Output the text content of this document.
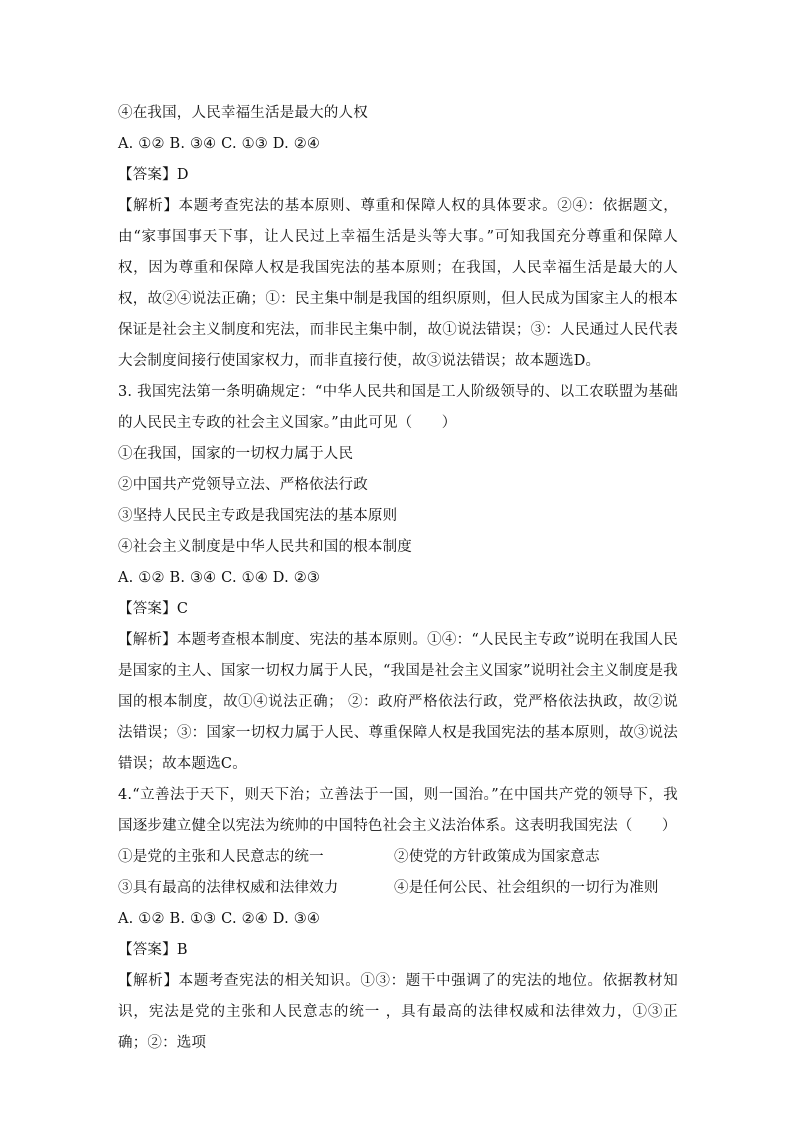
④在我国，人民幸福生活是最大的人权
A. ①② B. ③④ C. ①③ D. ②④
【答案】D
【解析】本题考查宪法的基本原则、尊重和保障人权的具体要求。②④：依据题文，由“家事国事天下事，让人民过上幸福生活是头等大事。”可知我国充分尊重和保障人权，因为尊重和保障人权是我国宪法的基本原则；在我国，人民幸福生活是最大的人权，故②④说法正确；①：民主集中制是我国的组织原则，但人民成为国家主人的根本保证是社会主义制度和宪法，而非民主集中制，故①说法错误；③：人民通过人民代表大会制度间接行使国家权力，而非直接行使，故③说法错误；故本题选D。
3. 我国宪法第一条明确规定：“中华人民共和国是工人阶级领导的、以工农联盟为基础的人民民主专政的社会主义国家。”由此可见（　　）
①在我国，国家的一切权力属于人民
②中国共产党领导立法、严格依法行政
③坚持人民民主专政是我国宪法的基本原则
④社会主义制度是中华人民共和国的根本制度
A. ①② B. ③④ C. ①④ D. ②③
【答案】C
【解析】本题考查根本制度、宪法的基本原则。①④：“人民民主专政”说明在我国人民是国家的主人、国家一切权力属于人民，“我国是社会主义国家”说明社会主义制度是我国的根本制度，故①④说法正确； ②：政府严格依法行政，党严格依法执政，故②说法错误；③：国家一切权力属于人民、尊重保障人权是我国宪法的基本原则，故③说法错误；故本题选C。
4.“立善法于天下，则天下治；立善法于一国，则一国治。”在中国共产党的领导下，我国逐步建立健全以宪法为统帅的中国特色社会主义法治体系。这表明我国宪法（　　）
①是党的主张和人民意志的统一	②使党的方针政策成为国家意志
③具有最高的法律权威和法律效力	④是任何公民、社会组织的一切行为准则
A. ①② B. ①③ C. ②④ D. ③④
【答案】B
【解析】本题考查宪法的相关知识。①③：题干中强调了的宪法的地位。依据教材知识，宪法是党的主张和人民意志的统一 ，具有最高的法律权威和法律效力，①③正确；②：选项
